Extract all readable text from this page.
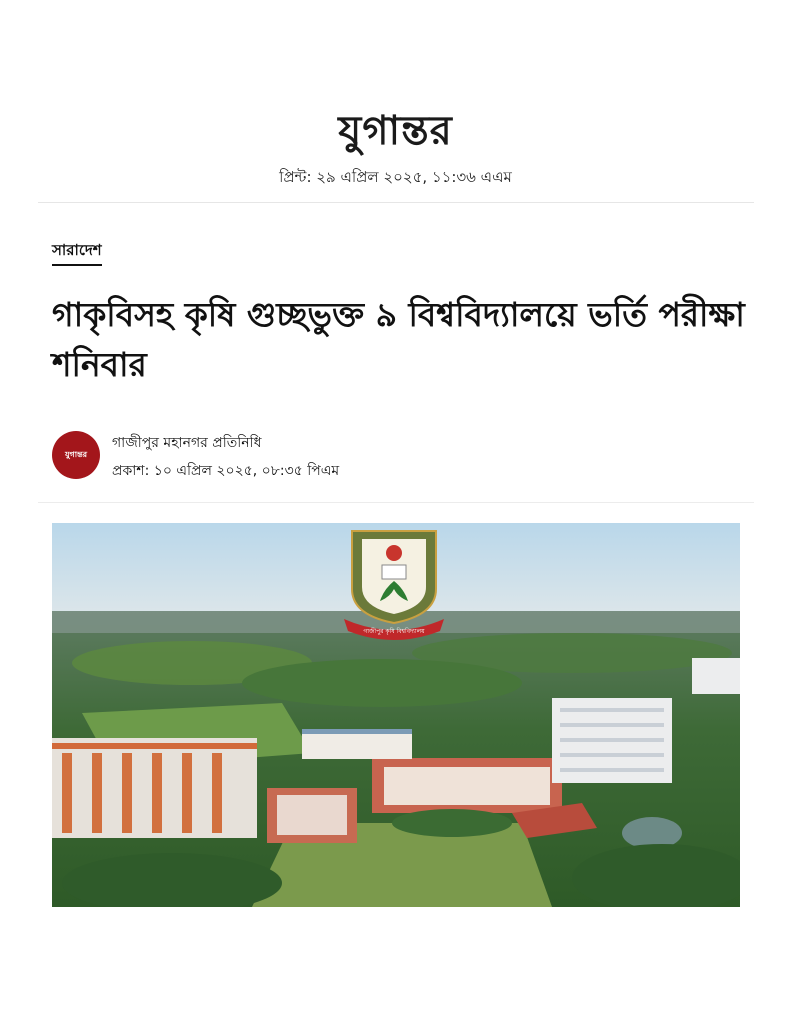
যুগান্তর
প্রিন্ট: ২৯ এপ্রিল ২০২৫, ১১:৩৬ এএম
সারাদেশ
গাকৃবিসহ কৃষি গুচ্ছভুক্ত ৯ বিশ্ববিদ্যালয়ে ভর্তি পরীক্ষা শনিবার
যুগান্তর
গাজীপুর মহানগর প্রতিনিধি
প্রকাশ: ১০ এপ্রিল ২০২৫, ০৮:৩৫ পিএম
গাজীপুর কৃষি বিশ্ববিদ্যালয়
